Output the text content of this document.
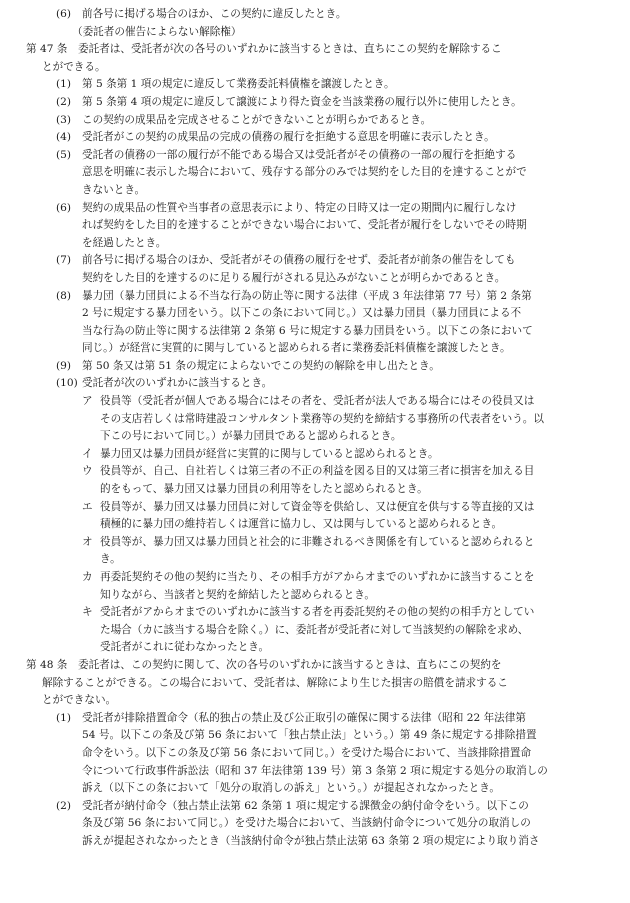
(6) 前各号に掲げる場合のほか、この契約に違反したとき。
（委託者の催告によらない解除権）
第 47 条　委託者は、受託者が次の各号のいずれかに該当するときは、直ちにこの契約を解除するこ
とができる。
(1) 第 5 条第 1 項の規定に違反して業務委託料債権を譲渡したとき。
(2) 第 5 条第 4 項の規定に違反して譲渡により得た資金を当該業務の履行以外に使用したとき。
(3) この契約の成果品を完成させることができないことが明らかであるとき。
(4) 受託者がこの契約の成果品の完成の債務の履行を拒絶する意思を明確に表示したとき。
(5) 受託者の債務の一部の履行が不能である場合又は受託者がその債務の一部の履行を拒絶する
意思を明確に表示した場合において、残存する部分のみでは契約をした目的を達することがで
きないとき。
(6) 契約の成果品の性質や当事者の意思表示により、特定の日時又は一定の期間内に履行しなけ
れば契約をした目的を達することができない場合において、受託者が履行をしないでその時期
を経過したとき。
(7) 前各号に掲げる場合のほか、受託者がその債務の履行をせず、委託者が前条の催告をしても
契約をした目的を達するのに足りる履行がされる見込みがないことが明らかであるとき。
(8) 暴力団（暴力団員による不当な行為の防止等に関する法律（平成 3 年法律第 77 号）第 2 条第
2 号に規定する暴力団をいう。以下この条において同じ。）又は暴力団員（暴力団員による不
当な行為の防止等に関する法律第 2 条第 6 号に規定する暴力団員をいう。以下この条において
同じ。）が経営に実質的に関与していると認められる者に業務委託料債権を譲渡したとき。
(9) 第 50 条又は第 51 条の規定によらないでこの契約の解除を申し出たとき。
(10) 受託者が次のいずれかに該当するとき。
ア 役員等（受託者が個人である場合にはその者を、受託者が法人である場合にはその役員又は
その支店若しくは常時建設コンサルタント業務等の契約を締結する事務所の代表者をいう。以
下この号において同じ。）が暴力団員であると認められるとき。
イ 暴力団又は暴力団員が経営に実質的に関与していると認められるとき。
ウ 役員等が、自己、自社若しくは第三者の不正の利益を図る目的又は第三者に損害を加える目
的をもって、暴力団又は暴力団員の利用等をしたと認められるとき。
エ 役員等が、暴力団又は暴力団員に対して資金等を供給し、又は便宜を供与する等直接的又は
積極的に暴力団の維持若しくは運営に協力し、又は関与していると認められるとき。
オ 役員等が、暴力団又は暴力団員と社会的に非難されるべき関係を有していると認められると
き。
カ 再委託契約その他の契約に当たり、その相手方がアからオまでのいずれかに該当することを
知りながら、当該者と契約を締結したと認められるとき。
キ 受託者がアからオまでのいずれかに該当する者を再委託契約その他の契約の相手方としてい
た場合（カに該当する場合を除く。）に、委託者が受託者に対して当該契約の解除を求め、
受託者がこれに従わなかったとき。
第 48 条　委託者は、この契約に関して、次の各号のいずれかに該当するときは、直ちにこの契約を
解除することができる。この場合において、受託者は、解除により生じた損害の賠償を請求するこ
とができない。
(1) 受託者が排除措置命令（私的独占の禁止及び公正取引の確保に関する法律（昭和 22 年法律第
54 号。以下この条及び第 56 条において「独占禁止法」という。）第 49 条に規定する排除措置
命令をいう。以下この条及び第 56 条において同じ。）を受けた場合において、当該排除措置命
令について行政事件訴訟法（昭和 37 年法律第 139 号）第 3 条第 2 項に規定する処分の取消しの
訴え（以下この条において「処分の取消しの訴え」という。）が提起されなかったとき。
(2) 受託者が納付命令（独占禁止法第 62 条第 1 項に規定する課徴金の納付命令をいう。以下この
条及び第 56 条において同じ。）を受けた場合において、当該納付命令について処分の取消しの
訴えが提起されなかったとき（当該納付命令が独占禁止法第 63 条第 2 項の規定により取り消さ
